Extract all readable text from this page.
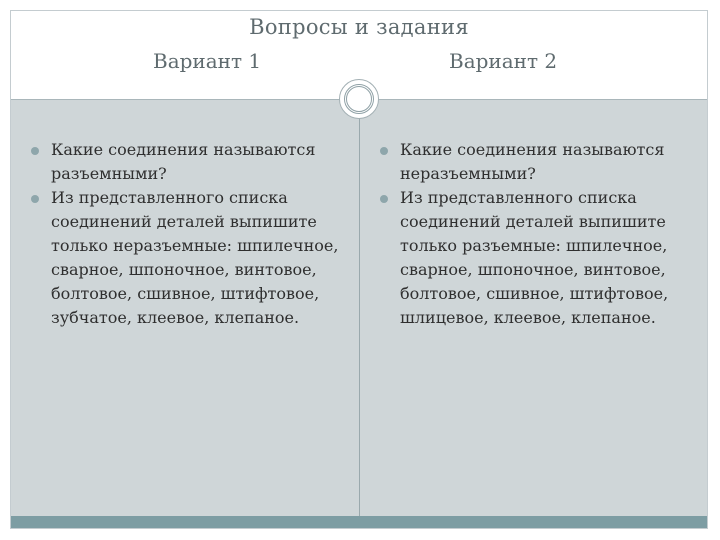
Вопросы и задания
Вариант 1	Вариант 2
Какие соединения называются разъемными?
Из представленного списка соединений деталей выпишите только неразъемные: шпилечное, сварное, шпоночное, винтовое, болтовое, сшивное, штифтовое, зубчатое, клеевое, клепаное.
Какие соединения называются неразъемными?
Из представленного списка соединений деталей выпишите только разъемные: шпилечное, сварное, шпоночное, винтовое, болтовое, сшивное, штифтовое, шлицевое, клеевое, клепаное.
